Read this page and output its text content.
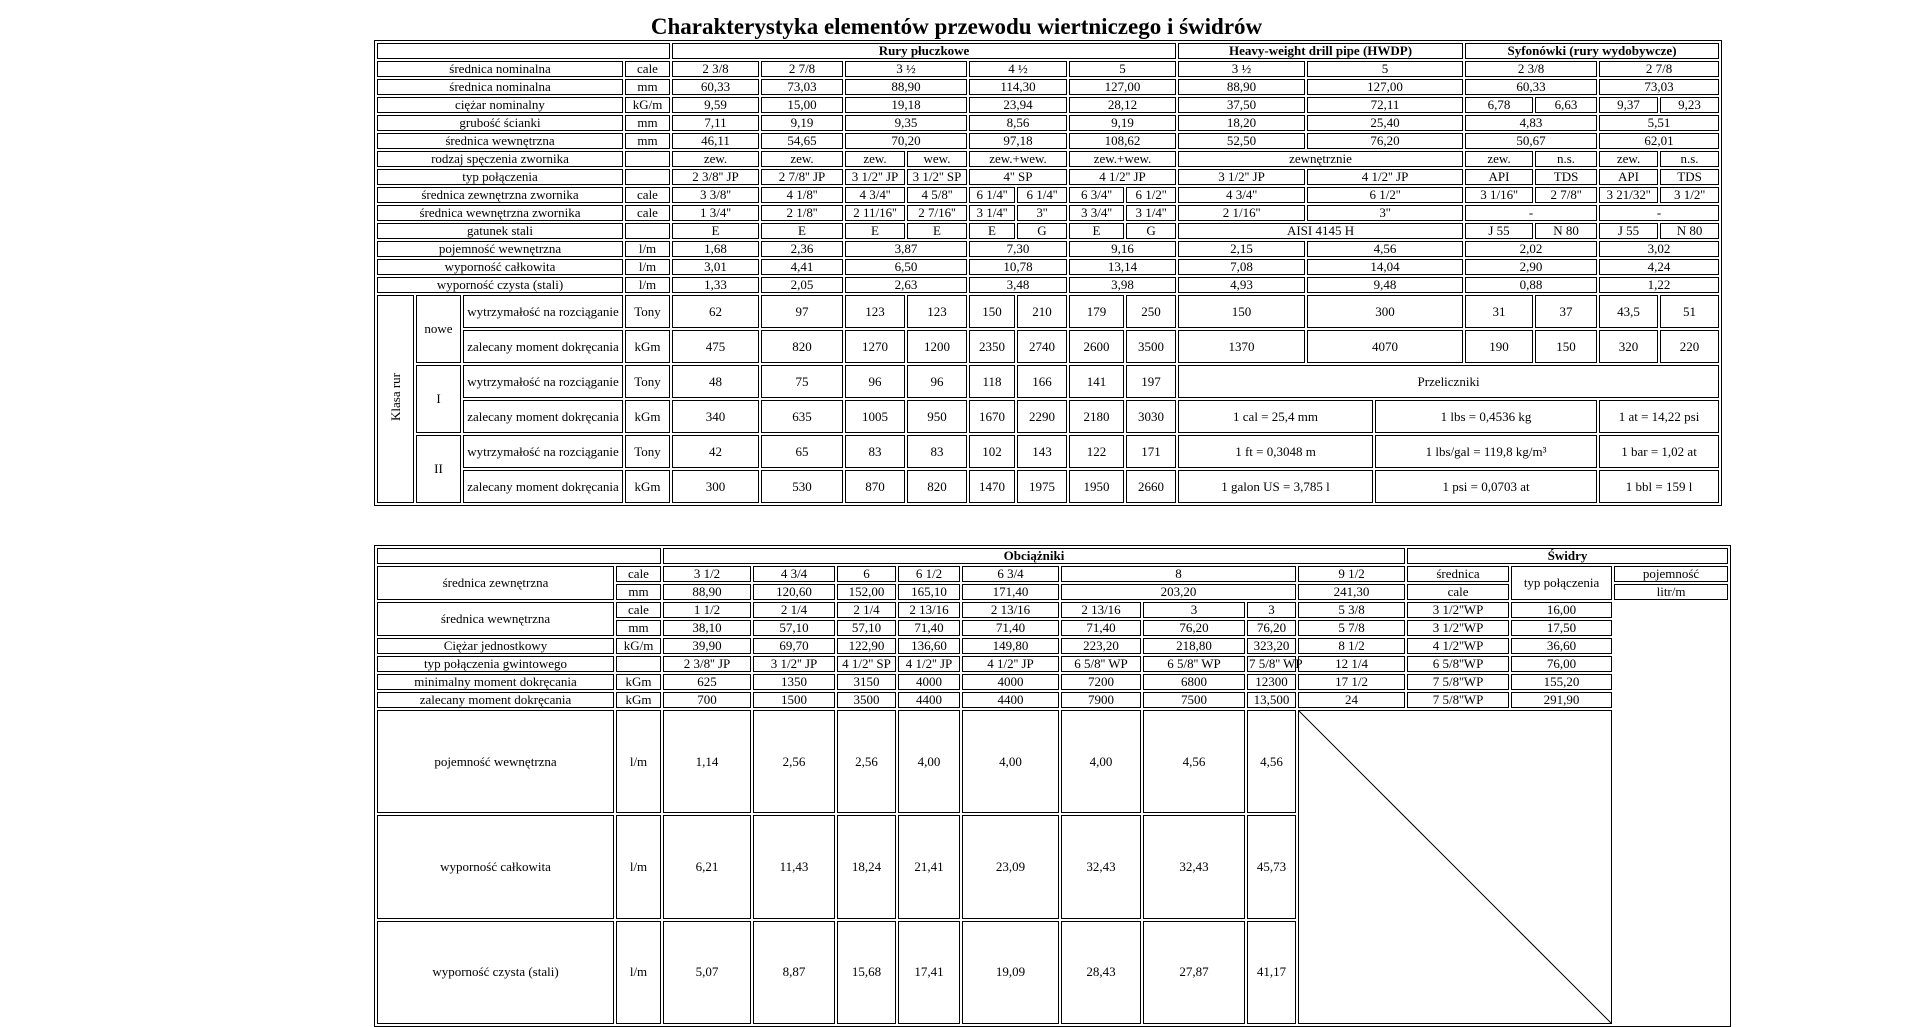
Charakterystyka elementów przewodu wiertniczego i świdrów
				Rury płuczkowe								Heavy-weight drill pipe (HWDP)			Syfonówki (rury wydobywcze)			
średnica nominalna			cale	2 3/8	2 7/8	3 ½		4 ½		5		3 ½	5		2 3/8		2 7/8	
średnica nominalna			mm	60,33	73,03	88,90		114,30		127,00		88,90	127,00		60,33		73,03	
ciężar nominalny			kG/m	9,59	15,00	19,18		23,94		28,12		37,50	72,11		6,78	6,63	9,37	9,23
grubość ścianki			mm	7,11	9,19	9,35		8,56		9,19		18,20	25,40		4,83		5,51	
średnica wewnętrzna			mm	46,11	54,65	70,20		97,18		108,62		52,50	76,20		50,67		62,01	
rodzaj spęczenia zwornika				zew.	zew.	zew.	wew.	zew.+wew.		zew.+wew.		zewnętrznie			zew.	n.s.	zew.	n.s.
typ połączenia				2 3/8'' JP	2 7/8'' JP	3 1/2'' JP	3 1/2'' SP	4'' SP		4 1/2'' JP		3 1/2'' JP	4 1/2'' JP		API	TDS	API	TDS
średnica zewnętrzna zwornika			cale	3 3/8''	4 1/8''	4 3/4''	4 5/8''	6 1/4''	6 1/4''	6 3/4''	6 1/2''	4 3/4''	6 1/2''		3 1/16''	2 7/8''	3 21/32''	3 1/2''
średnica wewnętrzna zwornika			cale	1 3/4''	2 1/8''	2 11/16''	2 7/16''	3 1/4''	3''	3 3/4''	3 1/4''	2 1/16''	3''		-		-	
gatunek stali				E	E	E	E	E	G	E	G	AISI 4145 H			J 55	N 80	J 55	N 80
pojemność wewnętrzna			l/m	1,68	2,36	3,87		7,30		9,16		2,15	4,56		2,02		3,02	
wyporność całkowita			l/m	3,01	4,41	6,50		10,78		13,14		7,08	14,04		2,90		4,24	
wyporność czysta (stali)			l/m	1,33	2,05	2,63		3,48		3,98		4,93	9,48		0,88		1,22	
Klasa rur	nowe	wytrzymałość na rozciąganie	Tony	62	97	123	123	150	210	179	250	150	300		31	37	43,5	51
		zalecany moment dokręcania	kGm	475	820	1270	1200	2350	2740	2600	3500	1370	4070		190	150	320	220
	I	wytrzymałość na rozciąganie	Tony	48	75	96	96	118	166	141	197	Przeliczniki						
		zalecany moment dokręcania	kGm	340	635	1005	950	1670	2290	2180	3030	1 cal = 25,4 mm		1 lbs = 0,4536 kg			1 at = 14,22 psi	
	II	wytrzymałość na rozciąganie	Tony	42	65	83	83	102	143	122	171	1 ft = 0,3048 m		1 lbs/gal = 119,8 kg/m³			1 bar = 1,02 at	
		zalecany moment dokręcania	kGm	300	530	870	820	1470	1975	1950	2660	1 galon US = 3,785 l		1 psi = 0,0703 at			1 bbl = 159 l	
		Obciążniki									Świdry		
średnica zewnętrzna	cale	3 1/2	4 3/4	6	6 1/2	6 3/4	8			9 1/2	średnica	typ połączenia	pojemność
	mm	88,90	120,60	152,00	165,10	171,40	203,20			241,30	cale		litr/m
średnica wewnętrzna	cale	1 1/2	2 1/4	2 1/4	2 13/16	2 13/16	2 13/16	3	3	5 3/8	3 1/2''WP	16,00	
	mm	38,10	57,10	57,10	71,40	71,40	71,40	76,20	76,20	5 7/8	3 1/2''WP	17,50	
Ciężar jednostkowy	kG/m	39,90	69,70	122,90	136,60	149,80	223,20	218,80	323,20	8 1/2	4 1/2''WP	36,60	
typ połączenia gwintowego		2 3/8'' JP	3 1/2'' JP	4 1/2'' SP	4 1/2'' JP	4 1/2'' JP	6 5/8'' WP	6 5/8'' WP	7 5/8'' WP	12 1/4	6 5/8''WP	76,00	
minimalny moment dokręcania	kGm	625	1350	3150	4000	4000	7200	6800	12300	17 1/2	7 5/8''WP	155,20	
zalecany moment dokręcania	kGm	700	1500	3500	4400	4400	7900	7500	13,500	24	7 5/8''WP	291,90	
pojemność wewnętrzna	l/m	1,14	2,56	2,56	4,00	4,00	4,00	4,56	4,56	

wyporność całkowita	l/m	6,21	11,43	18,24	21,41	23,09	32,43	32,43	45,73				
wyporność czysta (stali)	l/m	5,07	8,87	15,68	17,41	19,09	28,43	27,87	41,17				
